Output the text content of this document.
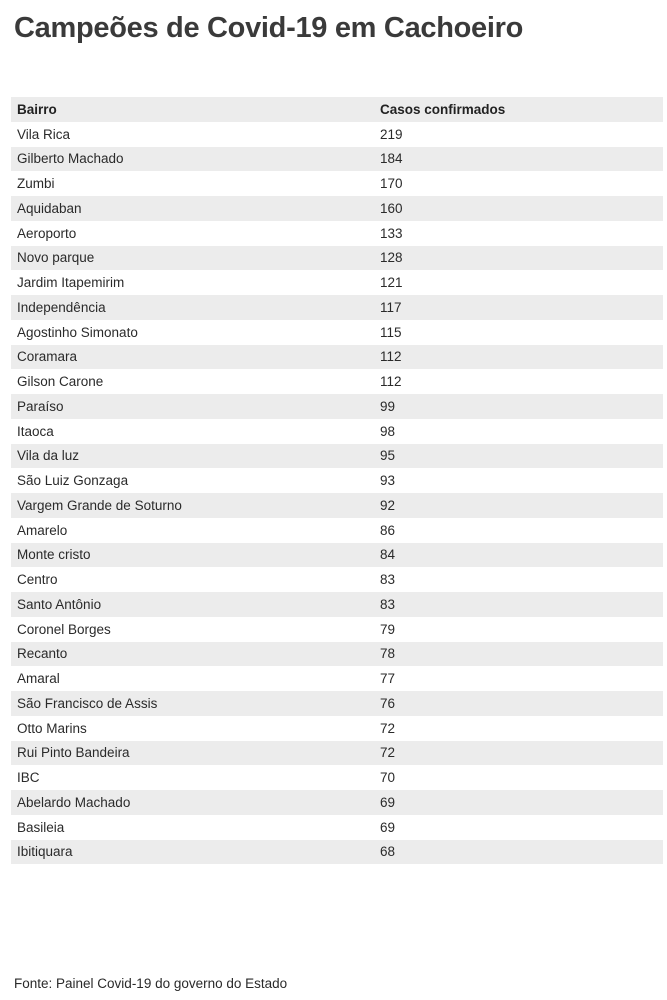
Campeões de Covid-19 em Cachoeiro
Bairro	Casos confirmados
Vila Rica	219
Gilberto Machado	184
Zumbi	170
Aquidaban	160
Aeroporto	133
Novo parque	128
Jardim Itapemirim	121
Independência	117
Agostinho Simonato	115
Coramara	112
Gilson Carone	112
Paraíso	99
Itaoca	98
Vila da luz	95
São Luiz Gonzaga	93
Vargem Grande de Soturno	92
Amarelo	86
Monte cristo	84
Centro	83
Santo Antônio	83
Coronel Borges	79
Recanto	78
Amaral	77
São Francisco de Assis	76
Otto Marins	72
Rui Pinto Bandeira	72
IBC	70
Abelardo Machado	69
Basileia	69
Ibitiquara	68
Fonte: Painel Covid-19 do governo do Estado
